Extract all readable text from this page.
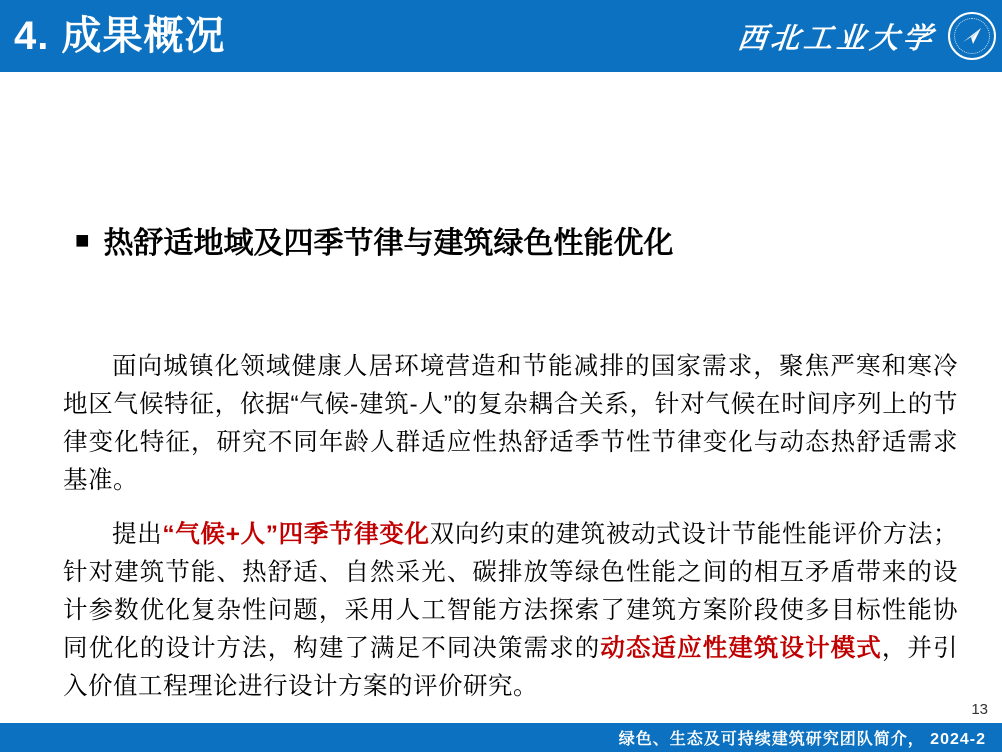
4. 成果概况	西北工业大学
■ 热舒适地域及四季节律与建筑绿色性能优化

面向城镇化领域健康人居环境营造和节能减排的国家需求，聚焦严寒和寒冷地区气候特征，依据“气候-建筑-人”的复杂耦合关系，针对气候在时间序列上的节律变化特征，研究不同年龄人群适应性热舒适季节性节律变化与动态热舒适需求基准。

提出“气候+人”四季节律变化双向约束的建筑被动式设计节能性能评价方法；针对建筑节能、热舒适、自然采光、碳排放等绿色性能之间的相互矛盾带来的设计参数优化复杂性问题，采用人工智能方法探索了建筑方案阶段使多目标性能协同优化的设计方法，构建了满足不同决策需求的动态适应性建筑设计模式，并引入价值工程理论进行设计方案的评价研究。

13
绿色、生态及可持续建筑研究团队简介， 2024-2
